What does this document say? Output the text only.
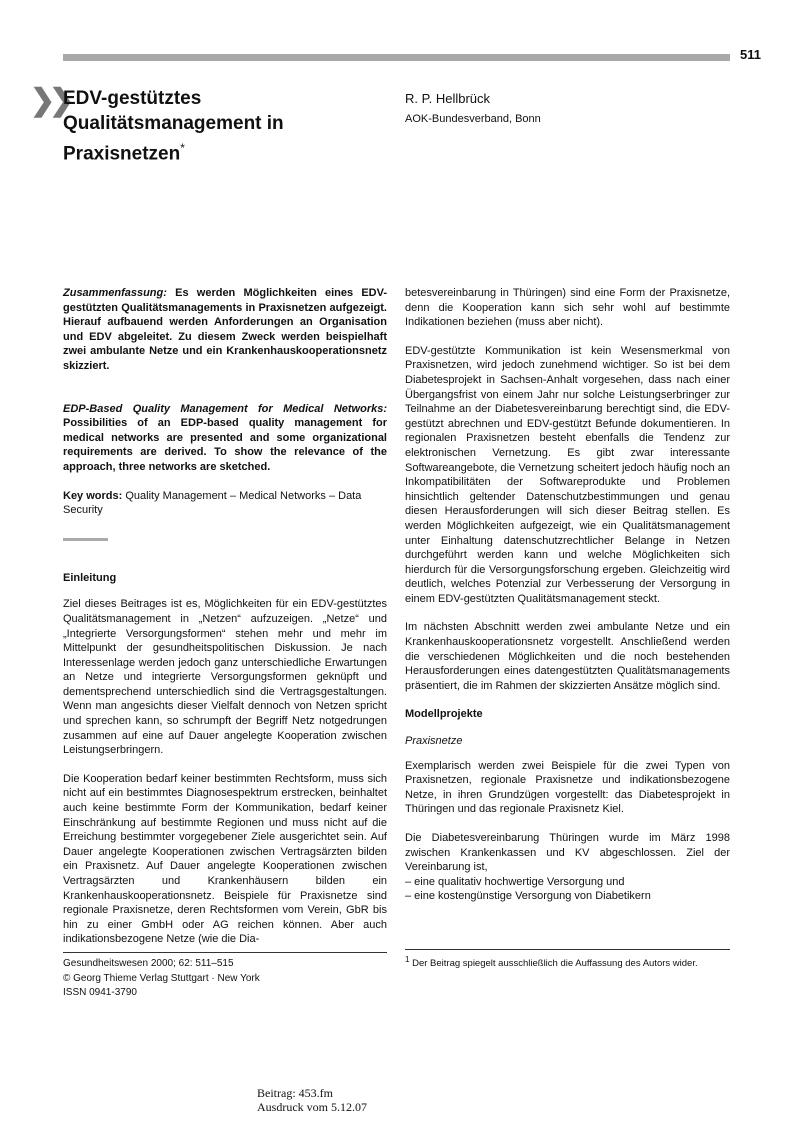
511
❯❯
EDV-gestütztes Qualitätsmanagement in Praxisnetzen*
R. P. Hellbrück
AOK-Bundesverband, Bonn

Zusammenfassung: Es werden Möglichkeiten eines EDV-gestützten Qualitätsmanagements in Praxisnetzen aufgezeigt. Hierauf aufbauend werden Anforderungen an Organisation und EDV abgeleitet. Zu diesem Zweck werden beispielhaft zwei ambulante Netze und ein Krankenhauskooperationsnetz skizziert.

EDP-Based Quality Management for Medical Networks: Possibilities of an EDP-based quality management for medical networks are presented and some organizational requirements are derived. To show the relevance of the approach, three networks are sketched.

Key words: Quality Management – Medical Networks – Data Security

Einleitung

Ziel dieses Beitrages ist es, Möglichkeiten für ein EDV-gestütztes Qualitätsmanagement in „Netzen“ aufzuzeigen. „Netze“ und „Integrierte Versorgungsformen“ stehen mehr und mehr im Mittelpunkt der gesundheitspolitischen Diskussion. Je nach Interessenlage werden jedoch ganz unterschiedliche Erwartungen an Netze und integrierte Versorgungsformen geknüpft und dementsprechend unterschiedlich sind die Vertragsgestaltungen. Wenn man angesichts dieser Vielfalt dennoch von Netzen spricht und sprechen kann, so schrumpft der Begriff Netz notgedrungen zusammen auf eine auf Dauer angelegte Kooperation zwischen Leistungserbringern.

Die Kooperation bedarf keiner bestimmten Rechtsform, muss sich nicht auf ein bestimmtes Diagnosespektrum erstrecken, beinhaltet auch keine bestimmte Form der Kommunikation, bedarf keiner Einschränkung auf bestimmte Regionen und muss nicht auf die Erreichung bestimmter vorgegebener Ziele ausgerichtet sein. Auf Dauer angelegte Kooperationen zwischen Vertragsärzten bilden ein Praxisnetz. Auf Dauer angelegte Kooperationen zwischen Vertragsärzten und Krankenhäusern bilden ein Krankenhauskooperationsnetz. Beispiele für Praxisnetze sind regionale Praxisnetze, deren Rechtsformen vom Verein, GbR bis hin zu einer GmbH oder AG reichen können. Aber auch indikationsbezogene Netze (wie die Dia-

betesvereinbarung in Thüringen) sind eine Form der Praxisnetze, denn die Kooperation kann sich sehr wohl auf bestimmte Indikationen beziehen (muss aber nicht).

EDV-gestützte Kommunikation ist kein Wesensmerkmal von Praxisnetzen, wird jedoch zunehmend wichtiger. So ist bei dem Diabetesprojekt in Sachsen-Anhalt vorgesehen, dass nach einer Übergangsfrist von einem Jahr nur solche Leistungserbringer zur Teilnahme an der Diabetesvereinbarung berechtigt sind, die EDV-gestützt abrechnen und EDV-gestützt Befunde dokumentieren. In regionalen Praxisnetzen besteht ebenfalls die Tendenz zur elektronischen Vernetzung. Es gibt zwar interessante Softwareangebote, die Vernetzung scheitert jedoch häufig noch an Inkompatibilitäten der Softwareprodukte und Problemen hinsichtlich geltender Datenschutzbestimmungen und genau diesen Herausforderungen will sich dieser Beitrag stellen. Es werden Möglichkeiten aufgezeigt, wie ein Qualitätsmanagement unter Einhaltung datenschutzrechtlicher Belange in Netzen durchgeführt werden kann und welche Möglichkeiten sich hierdurch für die Versorgungsforschung ergeben. Gleichzeitig wird deutlich, welches Potenzial zur Verbesserung der Versorgung in einem EDV-gestützten Qualitätsmanagement steckt.

Im nächsten Abschnitt werden zwei ambulante Netze und ein Krankenhauskooperationsnetz vorgestellt. Anschließend werden die verschiedenen Möglichkeiten und die noch bestehenden Herausforderungen eines datengestützten Qualitätsmanagements präsentiert, die im Rahmen der skizzierten Ansätze möglich sind.

Modellprojekte
Praxisnetze

Exemplarisch werden zwei Beispiele für die zwei Typen von Praxisnetzen, regionale Praxisnetze und indikationsbezogene Netze, in ihren Grundzügen vorgestellt: das Diabetesprojekt in Thüringen und das regionale Praxisnetz Kiel.

Die Diabetesvereinbarung Thüringen wurde im März 1998 zwischen Krankenkassen und KV abgeschlossen. Ziel der Vereinbarung ist,

– eine qualitativ hochwertige Versorgung und
– eine kostengünstige Versorgung von Diabetikern
Gesundheitswesen 2000; 62: 511–515
© Georg Thieme Verlag Stuttgart · New York
ISSN 0941-3790
$^1$ Der Beitrag spiegelt ausschließlich die Auffassung des Autors wider.
Beitrag: 453.fm
Ausdruck vom 5.12.07
